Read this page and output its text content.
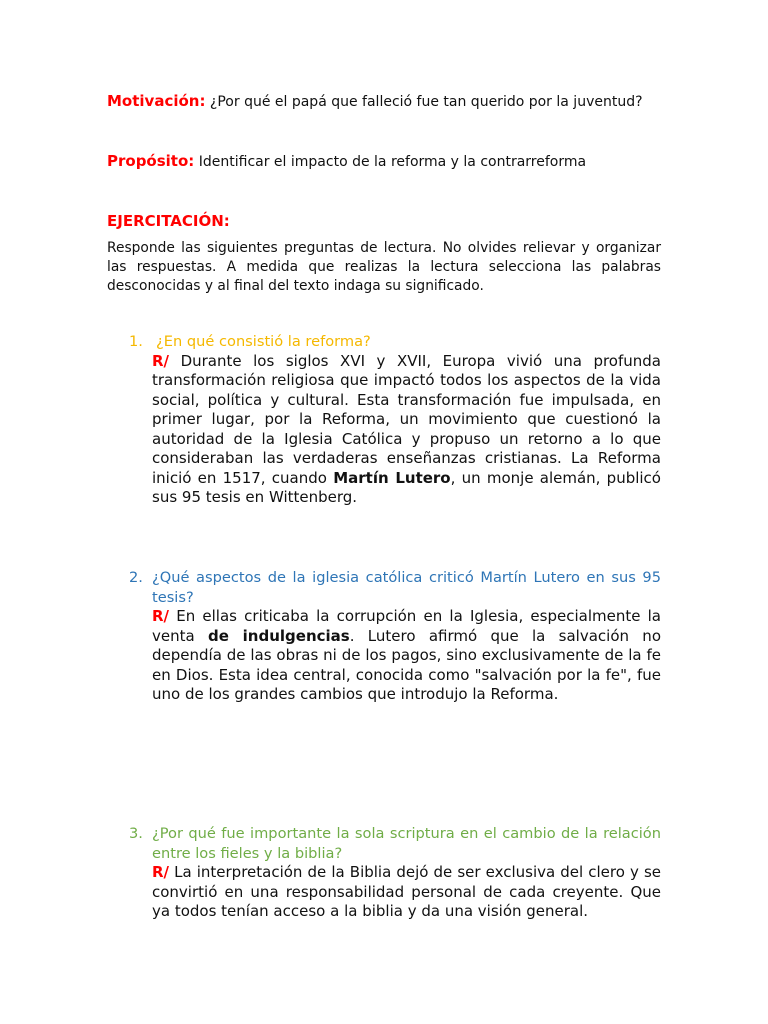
Motivación: ¿Por qué el papá que falleció fue tan querido por la juventud?
Propósito: Identificar el impacto de la reforma y la contrarreforma
EJERCITACIÓN:
Responde las siguientes preguntas de lectura. No olvides relievar y organizar las respuestas. A medida que realizas la lectura selecciona las palabras desconocidas y al final del texto indaga su significado.
1. ¿En qué consistió la reforma?
R/ Durante los siglos XVI y XVII, Europa vivió una profunda transformación religiosa que impactó todos los aspectos de la vida social, política y cultural. Esta transformación fue impulsada, en primer lugar, por la Reforma, un movimiento que cuestionó la autoridad de la Iglesia Católica y propuso un retorno a lo que consideraban las verdaderas enseñanzas cristianas. La Reforma inició en 1517, cuando Martín Lutero, un monje alemán, publicó sus 95 tesis en Wittenberg.
2. ¿Qué aspectos de la iglesia católica criticó Martín Lutero en sus 95 tesis?
R/ En ellas criticaba la corrupción en la Iglesia, especialmente la venta de indulgencias. Lutero afirmó que la salvación no dependía de las obras ni de los pagos, sino exclusivamente de la fe en Dios. Esta idea central, conocida como "salvación por la fe", fue uno de los grandes cambios que introdujo la Reforma.
3. ¿Por qué fue importante la sola scriptura en el cambio de la relación entre los fieles y la biblia?
R/ La interpretación de la Biblia dejó de ser exclusiva del clero y se convirtió en una responsabilidad personal de cada creyente. Que ya todos tenían acceso a la biblia y da una visión general.
